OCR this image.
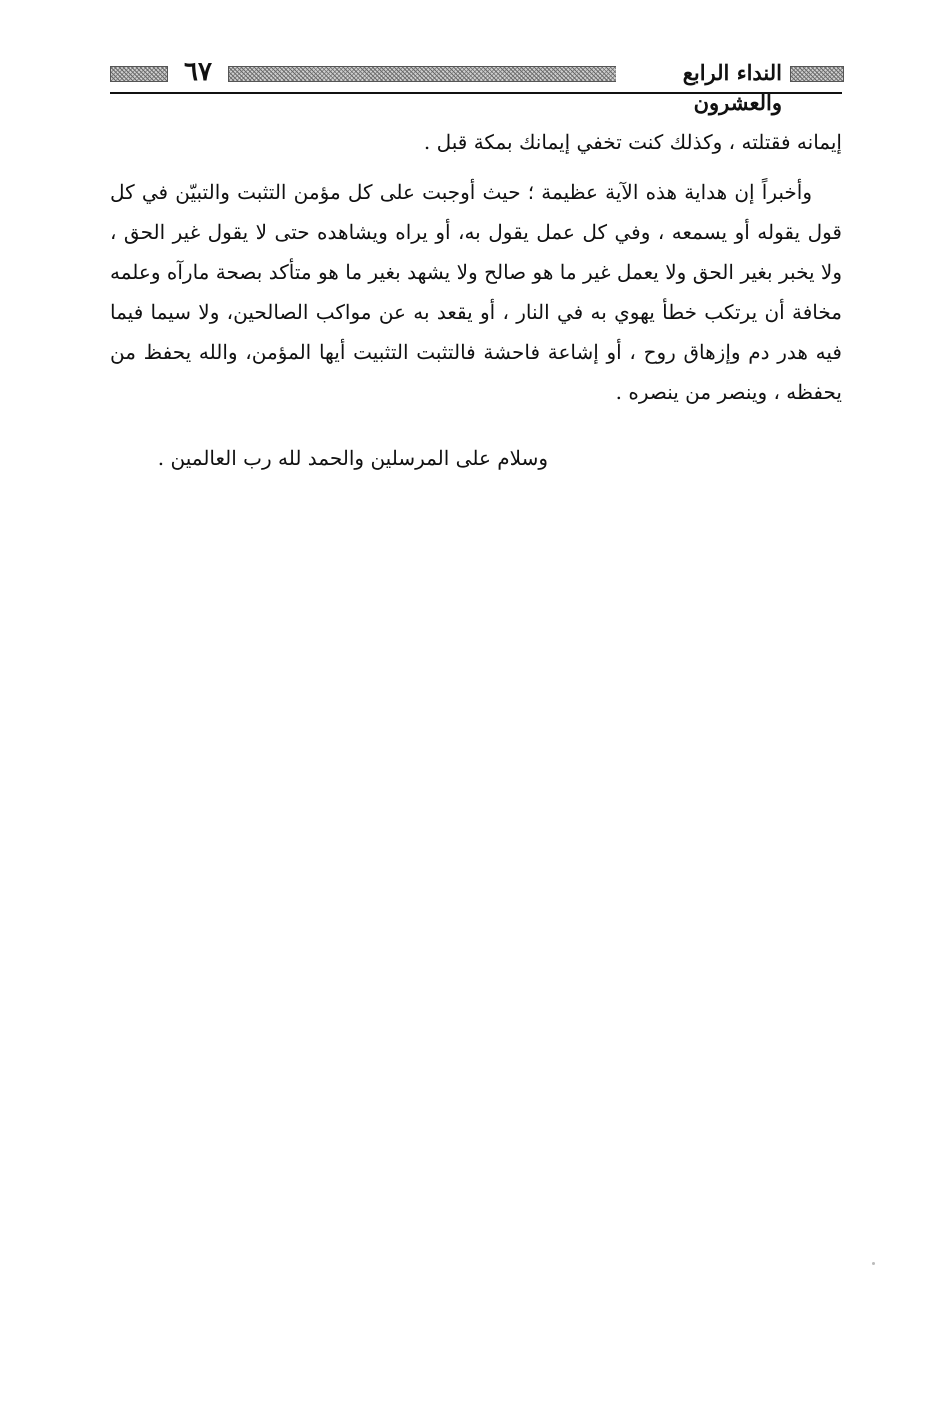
النداء الرابع والعشرون
٦٧

إيمانه فقتلته ، وكذلك كنت تخفي إيمانك بمكة قبل .

وأخبراً إن هداية هذه الآية عظيمة ؛ حيث أوجبت على كل مؤمن التثبت والتبيّن في كل قول يقوله أو يسمعه ، وفي كل عمل يقول به، أو يراه ويشاهده حتى لا يقول غير الحق ، ولا يخبر بغير الحق ولا يعمل غير ما هو صالح ولا يشهد بغير ما هو متأكد بصحة مارآه وعلمه مخافة أن يرتكب خطأ يهوي به في النار ، أو يقعد به عن مواكب الصالحين، ولا سيما فيما فيه هدر دم وإزهاق روح ، أو إشاعة فاحشة فالتثبت التثبيت أيها المؤمن، والله يحفظ من يحفظه ، وينصر من ينصره .

وسلام على المرسلين والحمد لله رب العالمين .
